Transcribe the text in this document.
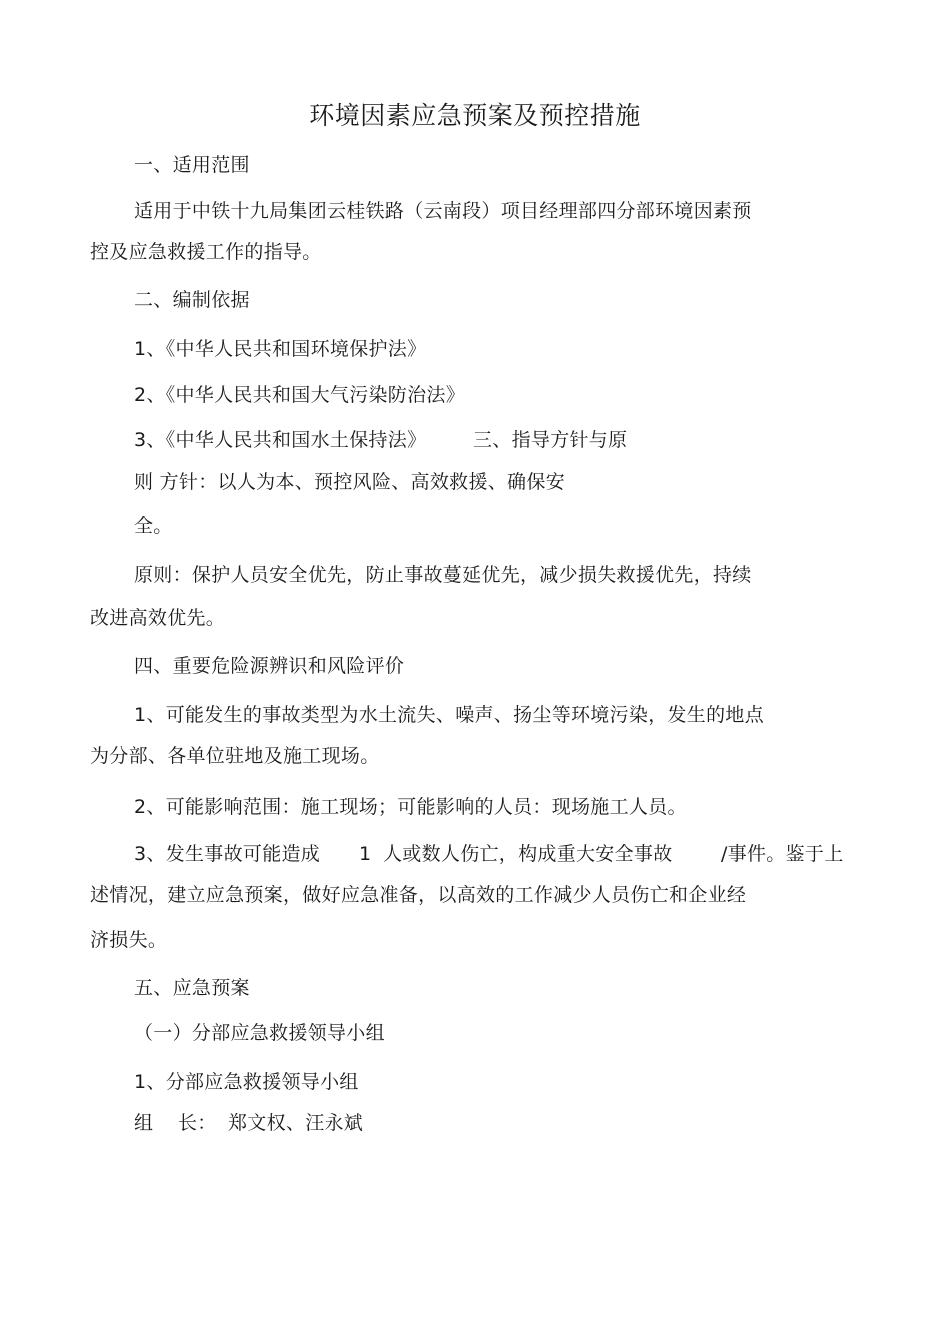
环境因素应急预案及预控措施
一、适用范围
适用于中铁十九局集团云桂铁路（云南段）项目经理部四分部环境因素预
控及应急救援工作的指导。
二、编制依据
1、《中华人民共和国环境保护法》
2、《中华人民共和国大气污染防治法》
3、《中华人民共和国水土保持法》 三、指导方针与原
则 方针：以人为本、预控风险、高效救援、确保安
全。
原则：保护人员安全优先，防止事故蔓延优先，减少损失救援优先，持续
改进高效优先。
四、重要危险源辨识和风险评价
1、可能发生的事故类型为水土流失、噪声、扬尘等环境污染，发生的地点
为分部、各单位驻地及施工现场。
2、可能影响范围：施工现场；可能影响的人员：现场施工人员。
3、发生事故可能造成 1 人或数人伤亡，构成重大安全事故	/事件。鉴于上
述情况，建立应急预案，做好应急准备，以高效的工作减少人员伤亡和企业经
济损失。
五、应急预案
（一）分部应急救援领导小组
1、分部应急救援领导小组
组 长： 郑文权、汪永斌
